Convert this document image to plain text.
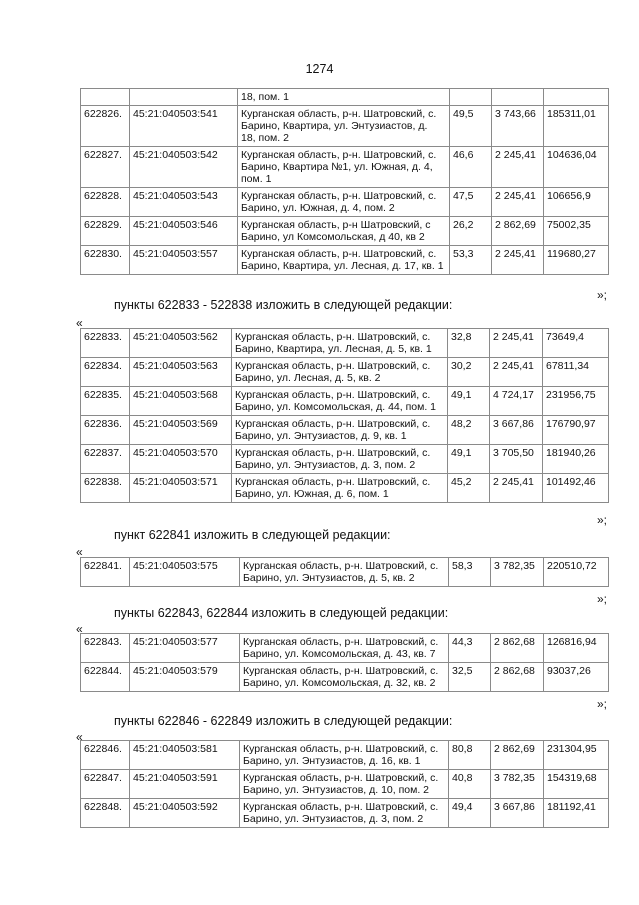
1274

		18, пом. 1			

622826.	45:21:040503:541	Курганская область, р-н. Шатровский, с.
Барино, Квартира, ул. Энтузиастов, д.
18, пом. 2	49,5	3 743,66	185311,01
622827.	45:21:040503:542	Курганская область, р-н. Шатровский, с.
Барино, Квартира №1, ул. Южная, д. 4,
пом. 1	46,6	2 245,41	104636,04
622828.	45:21:040503:543	Курганская область, р-н. Шатровский, с.
Барино, ул. Южная, д. 4, пом. 2	47,5	2 245,41	106656,9
622829.	45:21:040503:546	Курганская область, р-н Шатровский, с
Барино, ул Комсомольская, д 40, кв 2	26,2	2 862,69	75002,35
622830.	45:21:040503:557	Курганская область, р-н. Шатровский, с.
Барино, Квартира, ул. Лесная, д. 17, кв. 1	53,3	2 245,41	119680,27
»;
пункты 622833 - 522838 изложить в следующей редакции:
«
622833.	45:21:040503:562	Курганская область, р-н. Шатровский, с.
Барино, Квартира, ул. Лесная, д. 5, кв. 1	32,8	2 245,41	73649,4
622834.	45:21:040503:563	Курганская область, р-н. Шатровский, с.
Барино, ул. Лесная, д. 5, кв. 2	30,2	2 245,41	67811,34
622835.	45:21:040503:568	Курганская область, р-н. Шатровский, с.
Барино, ул. Комсомольская, д. 44, пом. 1	49,1	4 724,17	231956,75
622836.	45:21:040503:569	Курганская область, р-н. Шатровский, с.
Барино, ул. Энтузиастов, д. 9, кв. 1	48,2	3 667,86	176790,97
622837.	45:21:040503:570	Курганская область, р-н. Шатровский, с.
Барино, ул. Энтузиастов, д. 3, пом. 2	49,1	3 705,50	181940,26
622838.	45:21:040503:571	Курганская область, р-н. Шатровский, с.
Барино, ул. Южная, д. 6, пом. 1	45,2	2 245,41	101492,46
»;
пункт 622841 изложить в следующей редакции:
«
622841.	45:21:040503:575	Курганская область, р-н. Шатровский, с.
Барино, ул. Энтузиастов, д. 5, кв. 2
	58,3	3 782,35	220510,72
»;
пункты 622843, 622844 изложить в следующей редакции:
«
622843.	45:21:040503:577	Курганская область, р-н. Шатровский, с.
Барино, ул. Комсомольская, д. 43, кв. 7	44,3	2 862,68	126816,94
622844.	45:21:040503:579	Курганская область, р-н. Шатровский, с.
Барино, ул. Комсомольская, д. 32, кв. 2	32,5	2 862,68	93037,26
»;
пункты 622846 - 622849 изложить в следующей редакции:
«
622846.	45:21:040503:581	Курганская область, р-н. Шатровский, с.
Барино, ул. Энтузиастов, д. 16, кв. 1	80,8	2 862,69	231304,95
622847.	45:21:040503:591	Курганская область, р-н. Шатровский, с.
Барино, ул. Энтузиастов, д. 10, пом. 2	40,8	3 782,35	154319,68
622848.	45:21:040503:592	Курганская область, р-н. Шатровский, с.
Барино, ул. Энтузиастов, д. 3, пом. 2	49,4	3 667,86	181192,41
